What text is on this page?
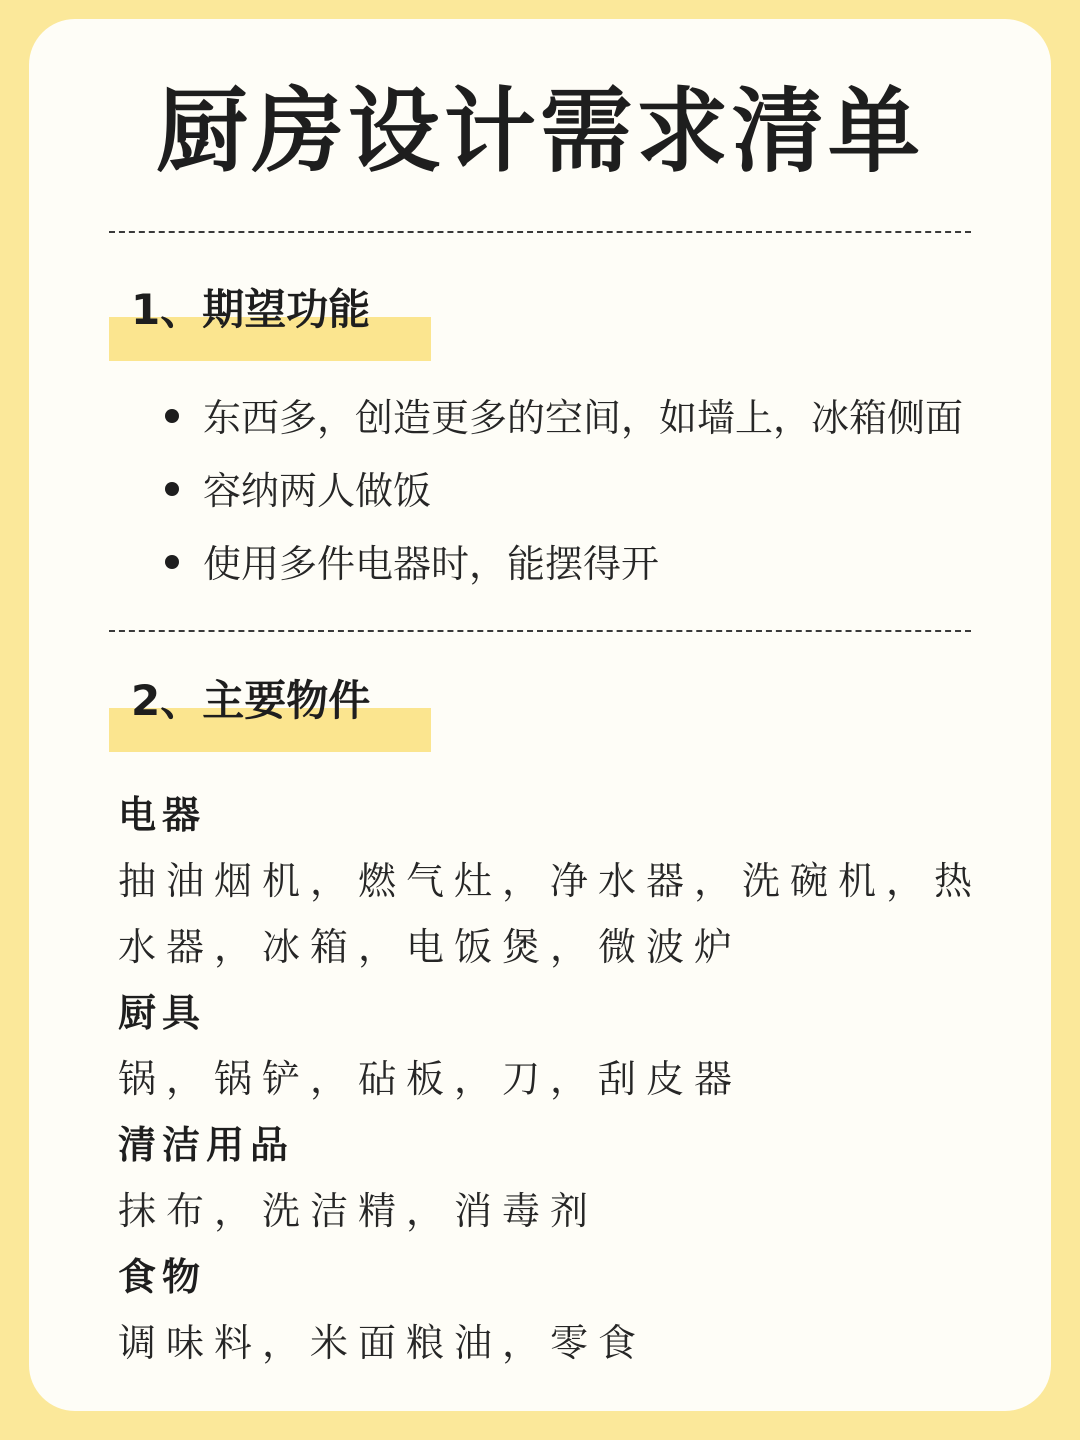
厨房设计需求清单
1、期望功能
东西多，创造更多的空间，如墙上，冰箱侧面
容纳两人做饭
使用多件电器时，能摆得开
2、主要物件
电器
抽油烟机，燃气灶，净水器，洗碗机，热水器，冰箱，电饭煲，微波炉
厨具
锅，锅铲，砧板，刀，刮皮器
清洁用品
抹布，洗洁精，消毒剂
食物
调味料，米面粮油，零食
